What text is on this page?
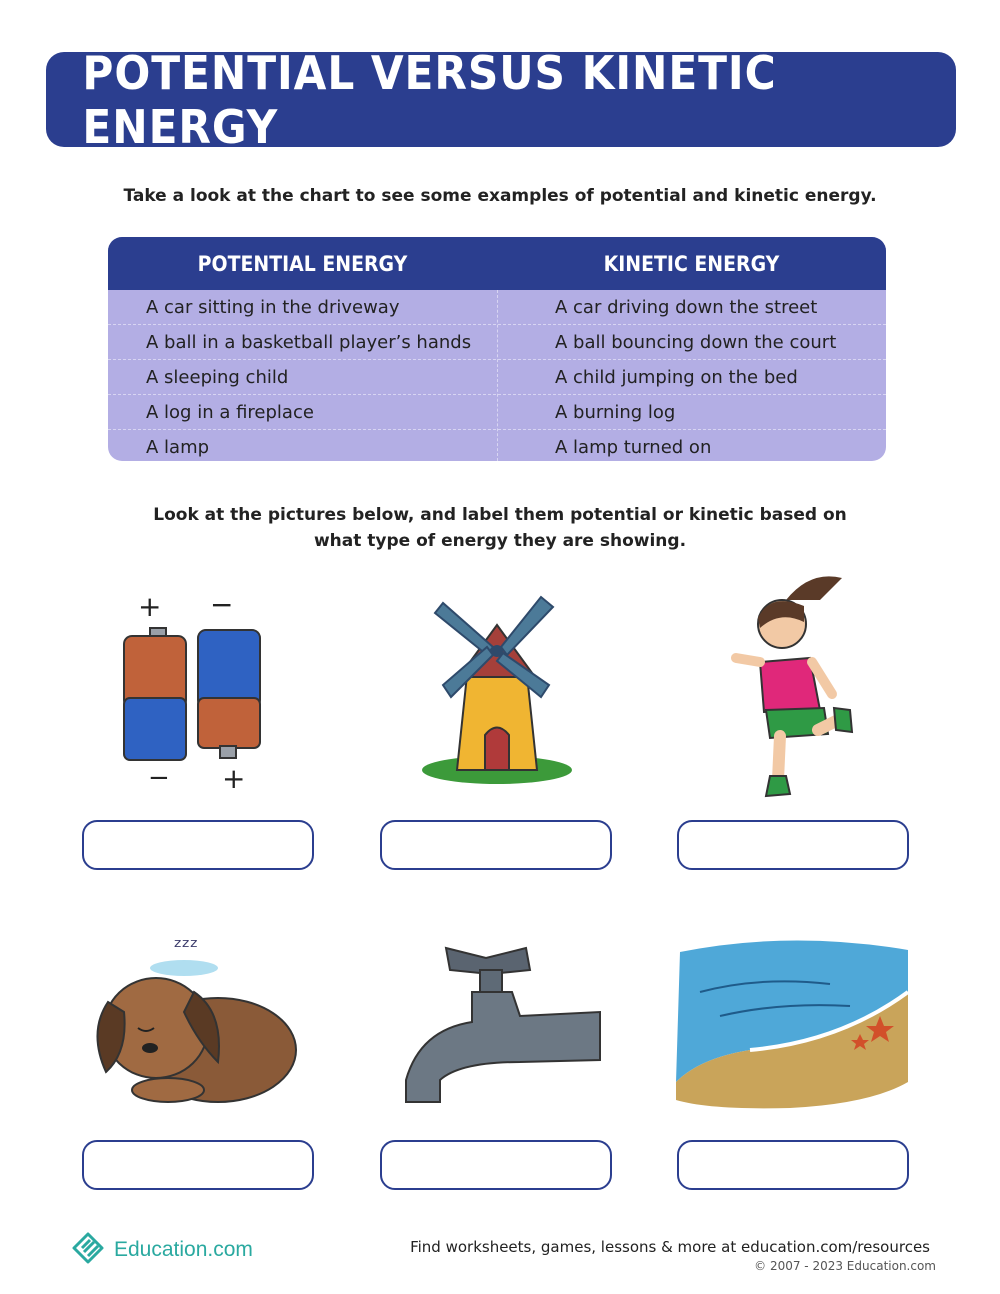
POTENTIAL VERSUS KINETIC ENERGY
Take a look at the chart to see some examples of potential and kinetic energy.
POTENTIAL ENERGY	KINETIC ENERGY
A car sitting in the driveway	A car driving down the street
A ball in a basketball player’s hands	A ball bouncing down the court
A sleeping child	A child jumping on the bed
A log in a fireplace	A burning log
A lamp	A lamp turned on
Look at the pictures below, and label them potential or kinetic based on what type of energy they are showing.
+ −
− +
ᶻᶻᶻ
Education.com	Find worksheets, games, lessons & more at education.com/resources
© 2007 - 2023 Education.com
